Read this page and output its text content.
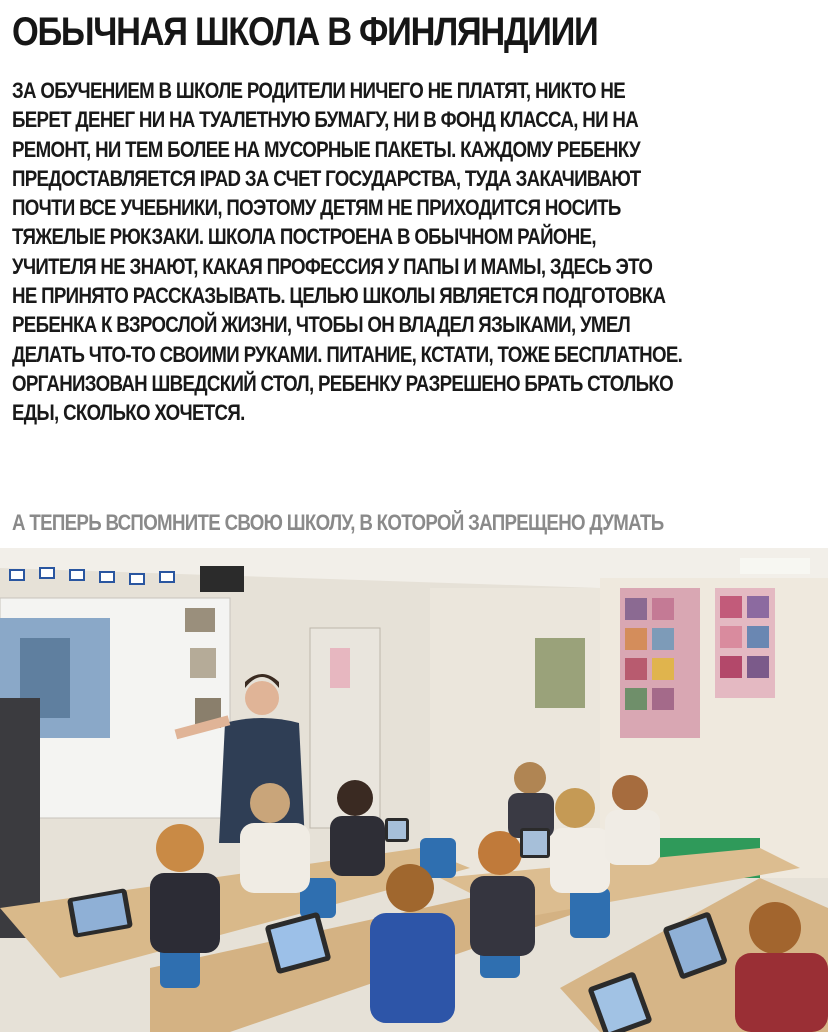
ОБЫЧНАЯ ШКОЛА В ФИНЛЯНДИИИ
ЗА ОБУЧЕНИЕМ В ШКОЛЕ РОДИТЕЛИ НИЧЕГО НЕ ПЛАТЯТ, НИКТО НЕ
БЕРЕТ ДЕНЕГ НИ НА ТУАЛЕТНУЮ БУМАГУ, НИ В ФОНД КЛАССА, НИ НА
РЕМОНТ, НИ ТЕМ БОЛЕЕ НА МУСОРНЫЕ ПАКЕТЫ. КАЖДОМУ РЕБЕНКУ
ПРЕДОСТАВЛЯЕТСЯ IPAD ЗА СЧЕТ ГОСУДАРСТВА, ТУДА ЗАКАЧИВАЮТ
ПОЧТИ ВСЕ УЧЕБНИКИ, ПОЭТОМУ ДЕТЯМ НЕ ПРИХОДИТСЯ НОСИТЬ
ТЯЖЕЛЫЕ РЮКЗАКИ. ШКОЛА ПОСТРОЕНА В ОБЫЧНОМ РАЙОНЕ,
УЧИТЕЛЯ НЕ ЗНАЮТ, КАКАЯ ПРОФЕССИЯ У ПАПЫ И МАМЫ, ЗДЕСЬ ЭТО
НЕ ПРИНЯТО РАССКАЗЫВАТЬ. ЦЕЛЬЮ ШКОЛЫ ЯВЛЯЕТСЯ ПОДГОТОВКА
РЕБЕНКА К ВЗРОСЛОЙ ЖИЗНИ, ЧТОБЫ ОН ВЛАДЕЛ ЯЗЫКАМИ, УМЕЛ
ДЕЛАТЬ ЧТО-ТО СВОИМИ РУКАМИ. ПИТАНИЕ, КСТАТИ, ТОЖЕ БЕСПЛАТНОЕ.
ОРГАНИЗОВАН ШВЕДСКИЙ СТОЛ, РЕБЕНКУ РАЗРЕШЕНО БРАТЬ СТОЛЬКО
ЕДЫ, СКОЛЬКО ХОЧЕТСЯ.
А ТЕПЕРЬ ВСПОМНИТЕ СВОЮ ШКОЛУ, В КОТОРОЙ ЗАПРЕЩЕНО ДУМАТЬ
